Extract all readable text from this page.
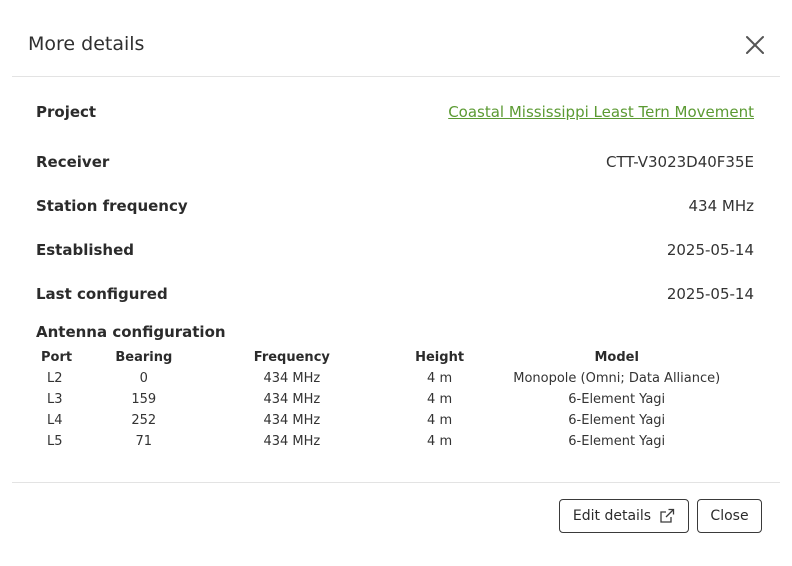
More details
Project	Coastal Mississippi Least Tern Movement
Receiver	CTT-V3023D40F35E
Station frequency	434 MHz
Established	2025-05-14
Last configured	2025-05-14
Antenna configuration
Port	Bearing	Frequency	Height	Model
L2	0	434 MHz	4 m	Monopole (Omni; Data Alliance)
L3	159	434 MHz	4 m	6-Element Yagi
L4	252	434 MHz	4 m	6-Element Yagi
L5	71	434 MHz	4 m	6-Element Yagi
Edit details	Close
